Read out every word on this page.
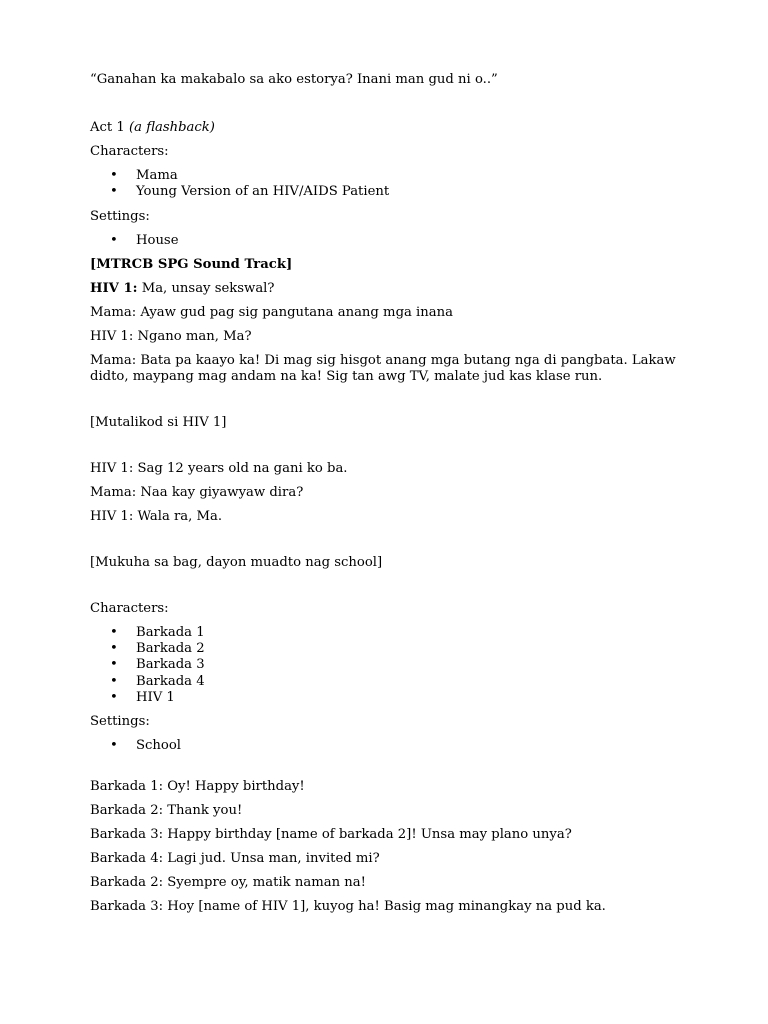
“Ganahan ka makabalo sa ako estorya? Inani man gud ni o..”

Act 1 (a flashback)

Characters:

• Mama
• Young Version of an HIV/AIDS Patient

Settings:

• House

[MTRCB SPG Sound Track]

HIV 1: Ma, unsay sekswal?

Mama: Ayaw gud pag sig pangutana anang mga inana

HIV 1: Ngano man, Ma?

Mama: Bata pa kaayo ka! Di mag sig hisgot anang mga butang nga di pangbata. Lakaw didto, maypang mag andam na ka! Sig tan awg TV, malate jud kas klase run.

[Mutalikod si HIV 1]

HIV 1: Sag 12 years old na gani ko ba.

Mama: Naa kay giyawyaw dira?

HIV 1: Wala ra, Ma.

[Mukuha sa bag, dayon muadto nag school]

Characters:

• Barkada 1
• Barkada 2
• Barkada 3
• Barkada 4
• HIV 1

Settings:

• School

Barkada 1: Oy! Happy birthday!

Barkada 2: Thank you!

Barkada 3: Happy birthday [name of barkada 2]! Unsa may plano unya?

Barkada 4: Lagi jud. Unsa man, invited mi?

Barkada 2: Syempre oy, matik naman na!

Barkada 3: Hoy [name of HIV 1], kuyog ha! Basig mag minangkay na pud ka.
